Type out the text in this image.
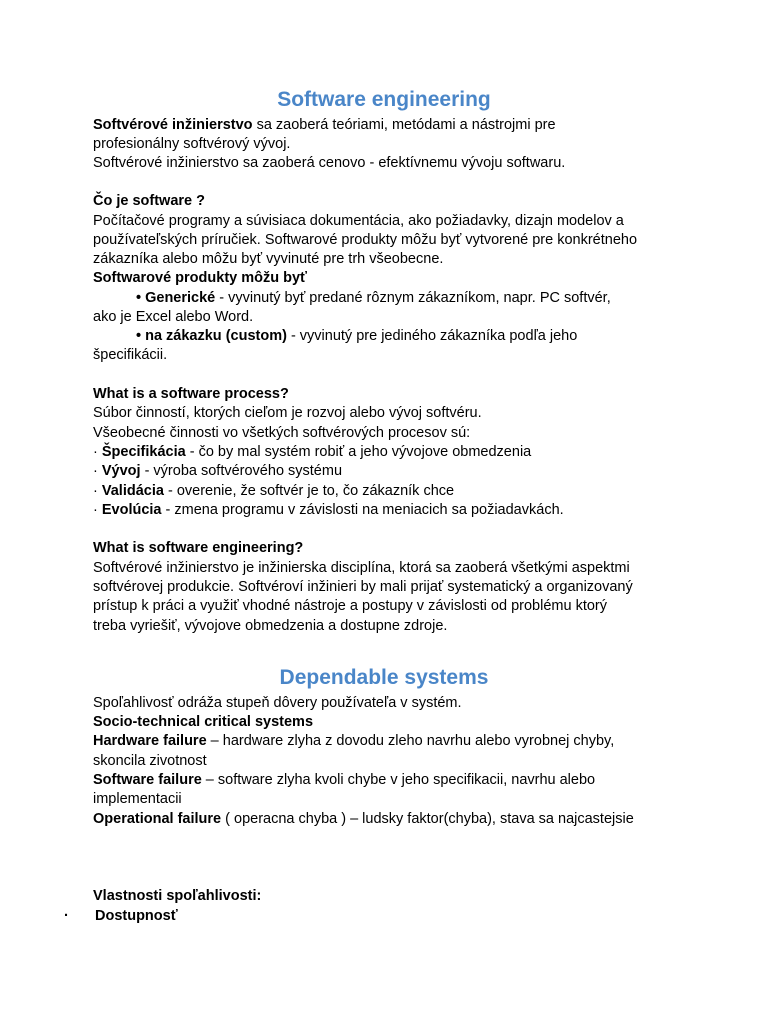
Software engineering
Softvérové inžinierstvo sa zaoberá teóriami, metódami a nástrojmi pre
profesionálny softvérový vývoj.
Softvérové inžinierstvo sa zaoberá cenovo - efektívnemu vývoju softwaru.
Čo je software ?
Počítačové programy a súvisiaca dokumentácia, ako požiadavky, dizajn modelov a
používateľských príručiek. Softwarové produkty môžu byť vytvorené pre konkrétneho
zákazníka alebo môžu byť vyvinuté pre trh všeobecne.
Softwarové produkty môžu byť
• Generické - vyvinutý byť predané rôznym zákazníkom, napr. PC softvér,
ako je Excel alebo Word.
• na zákazku (custom) - vyvinutý pre jediného zákazníka podľa jeho
špecifikácii.
What is a software process?
Súbor činností, ktorých cieľom je rozvoj alebo vývoj softvéru.
Všeobecné činnosti vo všetkých softvérových procesov sú:
· Špecifikácia - čo by mal systém robiť a jeho vývojove obmedzenia
· Vývoj - výroba softvérového systému
· Validácia - overenie, že softvér je to, čo zákazník chce
· Evolúcia - zmena programu v závislosti na meniacich sa požiadavkách.
What is software engineering?
Softvérové inžinierstvo je inžinierska disciplína, ktorá sa zaoberá všetkými aspektmi
softvérovej produkcie. Softvéroví inžinieri by mali prijať systematický a organizovaný
prístup k práci a využiť vhodné nástroje a postupy v závislosti od problému ktorý
treba vyriešiť, vývojove obmedzenia a dostupne zdroje.
Dependable systems
Spoľahlivosť odráža stupeň dôvery používateľa v systém.
Socio-technical critical systems
Hardware failure – hardware zlyha z dovodu zleho navrhu alebo vyrobnej chyby,
skoncila zivotnost
Software failure – software zlyha kvoli chybe v jeho specifikacii, navrhu alebo
implementacii
Operational failure ( operacna chyba ) – ludsky faktor(chyba), stava sa najcastejsie
Vlastnosti spoľahlivosti:
· Dostupnosť
